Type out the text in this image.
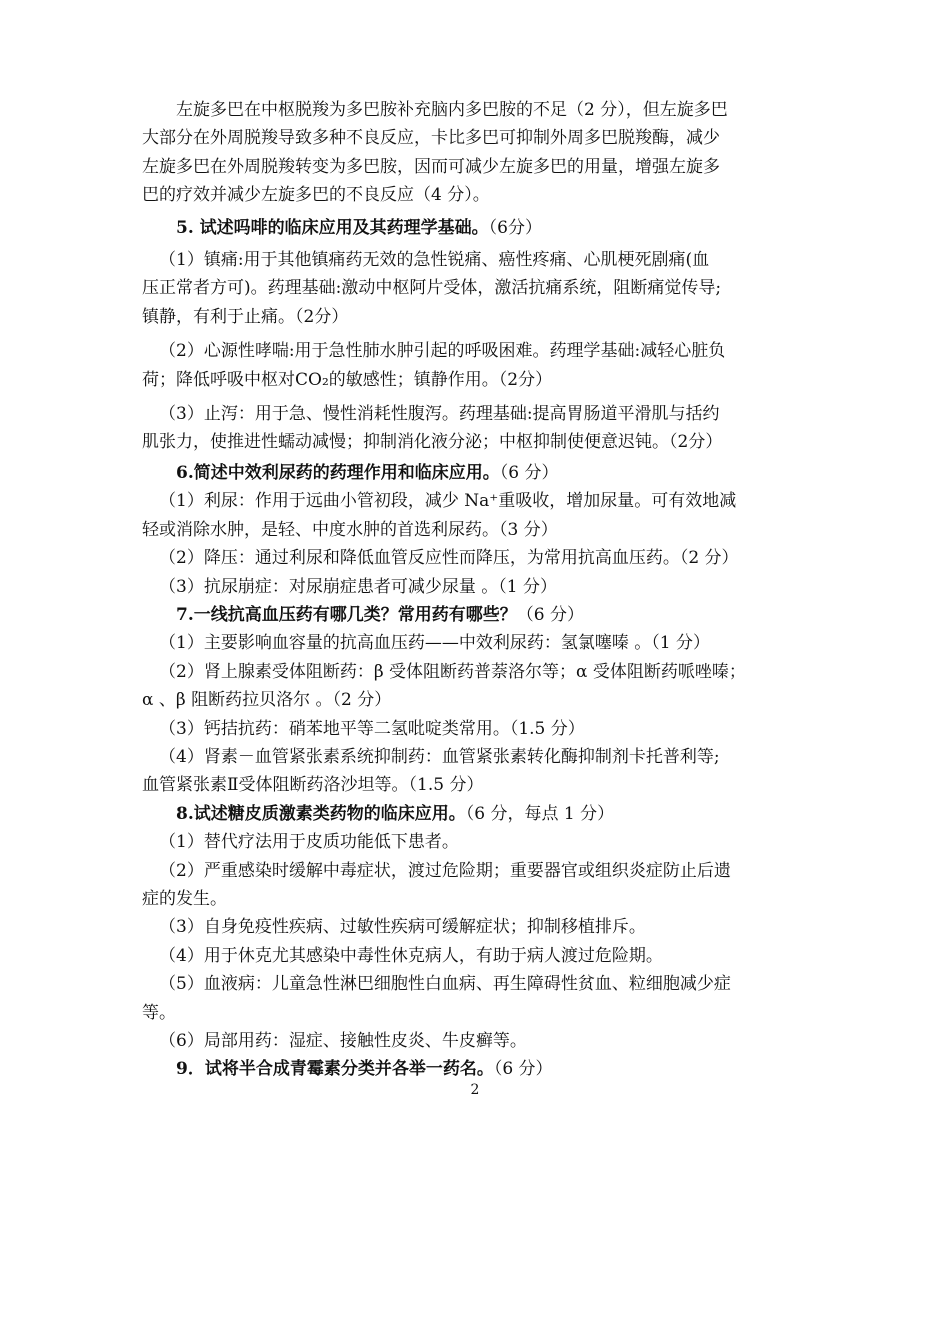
左旋多巴在中枢脱羧为多巴胺补充脑内多巴胺的不足（2 分），但左旋多巴

大部分在外周脱羧导致多种不良反应，卡比多巴可抑制外周多巴脱羧酶，减少

左旋多巴在外周脱羧转变为多巴胺，因而可减少左旋多巴的用量，增强左旋多

巴的疗效并减少左旋多巴的不良反应（4 分）。

5. 试述吗啡的临床应用及其药理学基础。（6分）

（1）镇痛:用于其他镇痛药无效的急性锐痛、癌性疼痛、心肌梗死剧痛(血

压正常者方可)。药理基础:激动中枢阿片受体，激活抗痛系统，阻断痛觉传导;

镇静，有利于止痛。（2分）

（2）心源性哮喘:用于急性肺水肿引起的呼吸困难。药理学基础:减轻心脏负

荷；降低呼吸中枢对CO₂的敏感性；镇静作用。（2分）

（3）止泻：用于急、慢性消耗性腹泻。药理基础:提高胃肠道平滑肌与括约

肌张力，使推进性蠕动减慢；抑制消化液分泌；中枢抑制使便意迟钝。（2分）

6.简述中效利尿药的药理作用和临床应用。（6 分）

（1）利尿：作用于远曲小管初段，减少 Na⁺重吸收，增加尿量。可有效地减

轻或消除水肿，是轻、中度水肿的首选利尿药。（3 分）

（2）降压：通过利尿和降低血管反应性而降压，为常用抗高血压药。（2 分）

（3）抗尿崩症：对尿崩症患者可减少尿量 。（1 分）

7.一线抗高血压药有哪几类？常用药有哪些？（6 分）

（1）主要影响血容量的抗高血压药——中效利尿药：氢氯噻嗪 。（1 分）

（2）肾上腺素受体阻断药：β 受体阻断药普萘洛尔等；α 受体阻断药哌唑嗪；

α 、β 阻断药拉贝洛尔 。（2 分）

（3）钙拮抗药：硝苯地平等二氢吡啶类常用。（1.5 分）

（4）肾素－血管紧张素系统抑制药：血管紧张素转化酶抑制剂卡托普利等;

血管紧张素Ⅱ受体阻断药洛沙坦等。（1.5 分）

8.试述糖皮质激素类药物的临床应用。（6 分，每点 1 分）

（1）替代疗法用于皮质功能低下患者。

（2）严重感染时缓解中毒症状，渡过危险期；重要器官或组织炎症防止后遗

症的发生。

（3）自身免疫性疾病、过敏性疾病可缓解症状；抑制移植排斥。

（4）用于休克尤其感染中毒性休克病人，有助于病人渡过危险期。

（5）血液病：儿童急性淋巴细胞性白血病、再生障碍性贫血、粒细胞减少症

等。

（6）局部用药：湿症、接触性皮炎、牛皮癣等。

9．试将半合成青霉素分类并各举一药名。（6 分）

2
